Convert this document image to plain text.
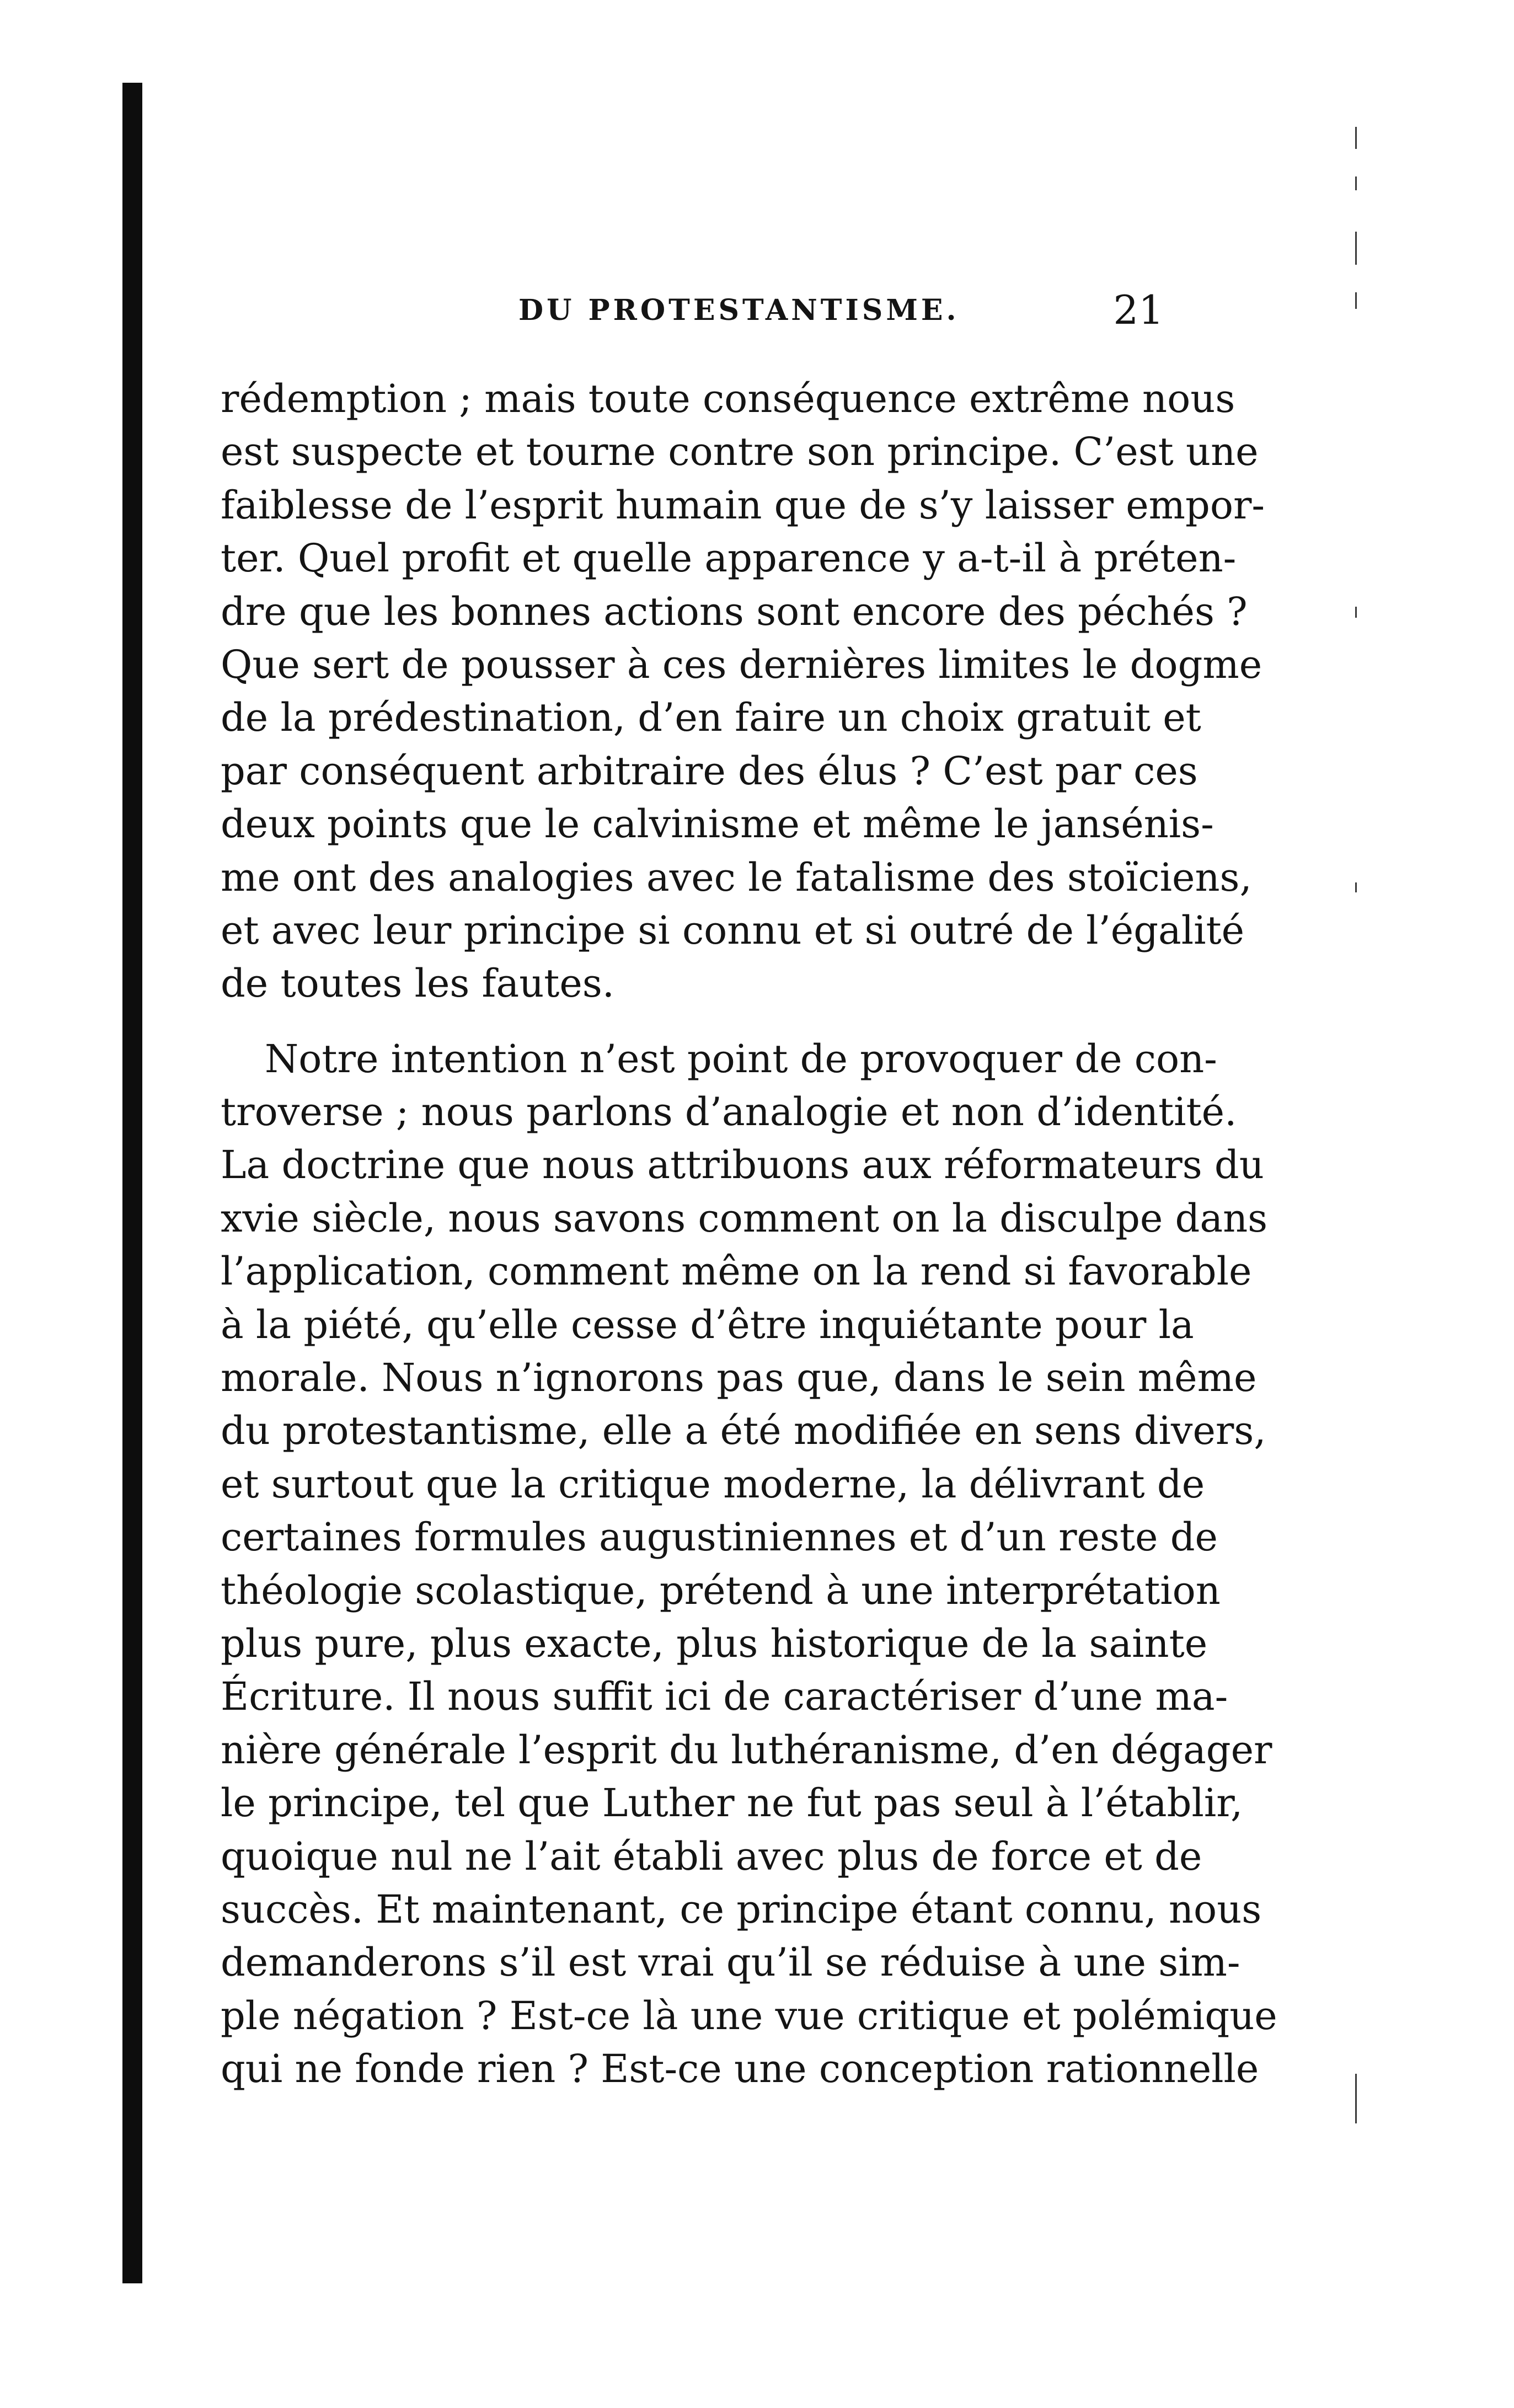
DU PROTESTANTISME.	21
rédemption ; mais toute conséquence extrême nous
est suspecte et tourne contre son principe. C’est une
faiblesse de l’esprit humain que de s’y laisser empor-
ter. Quel profit et quelle apparence y a-t-il à préten-
dre que les bonnes actions sont encore des péchés ?
Que sert de pousser à ces dernières limites le dogme
de la prédestination, d’en faire un choix gratuit et
par conséquent arbitraire des élus ? C’est par ces
deux points que le calvinisme et même le jansénis-
me ont des analogies avec le fatalisme des stoïciens,
et avec leur principe si connu et si outré de l’égalité
de toutes les fautes.
Notre intention n’est point de provoquer de con-
troverse ; nous parlons d’analogie et non d’identité.
La doctrine que nous attribuons aux réformateurs du
xvie siècle, nous savons comment on la disculpe dans
l’application, comment même on la rend si favorable
à la piété, qu’elle cesse d’être inquiétante pour la
morale. Nous n’ignorons pas que, dans le sein même
du protestantisme, elle a été modifiée en sens divers,
et surtout que la critique moderne, la délivrant de
certaines formules augustiniennes et d’un reste de
théologie scolastique, prétend à une interprétation
plus pure, plus exacte, plus historique de la sainte
Écriture. Il nous suffit ici de caractériser d’une ma-
nière générale l’esprit du luthéranisme, d’en dégager
le principe, tel que Luther ne fut pas seul à l’établir,
quoique nul ne l’ait établi avec plus de force et de
succès. Et maintenant, ce principe étant connu, nous
demanderons s’il est vrai qu’il se réduise à une sim-
ple négation ? Est-ce là une vue critique et polémique
qui ne fonde rien ? Est-ce une conception rationnelle
